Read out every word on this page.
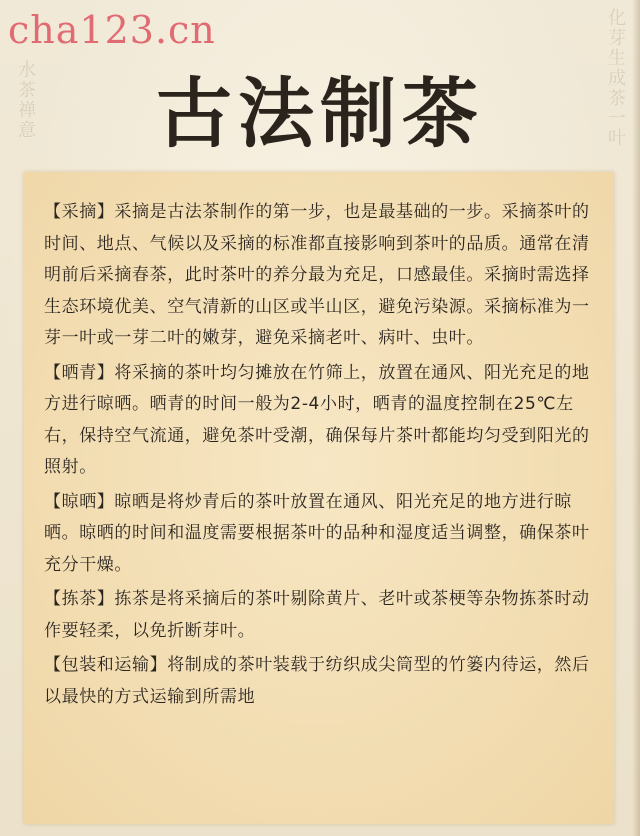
化芽生成茶一叶
水茶禅意
cha123.cn
古法制茶

【采摘】采摘是古法茶制作的第一步，也是最基础的一步。采摘茶叶的时间、地点、气候以及采摘的标准都直接影响到茶叶的品质。通常在清明前后采摘春茶，此时茶叶的养分最为充足，口感最佳。采摘时需选择生态环境优美、空气清新的山区或半山区，避免污染源。采摘标准为一芽一叶或一芽二叶的嫩芽，避免采摘老叶、病叶、虫叶。

【晒青】将采摘的茶叶均匀摊放在竹筛上，放置在通风、阳光充足的地方进行晾晒。晒青的时间一般为2-4小时，晒青的温度控制在25℃左右，保持空气流通，避免茶叶受潮，确保每片茶叶都能均匀受到阳光的照射。

【晾晒】晾晒是将炒青后的茶叶放置在通风、阳光充足的地方进行晾晒。晾晒的时间和温度需要根据茶叶的品种和湿度适当调整，确保茶叶充分干燥。

【拣茶】拣茶是将采摘后的茶叶剔除黄片、老叶或茶梗等杂物拣茶时动作要轻柔，以免折断芽叶。

【包装和运输】将制成的茶叶装载于纺织成尖筒型的竹篓内待运，然后以最快的方式运输到所需地
